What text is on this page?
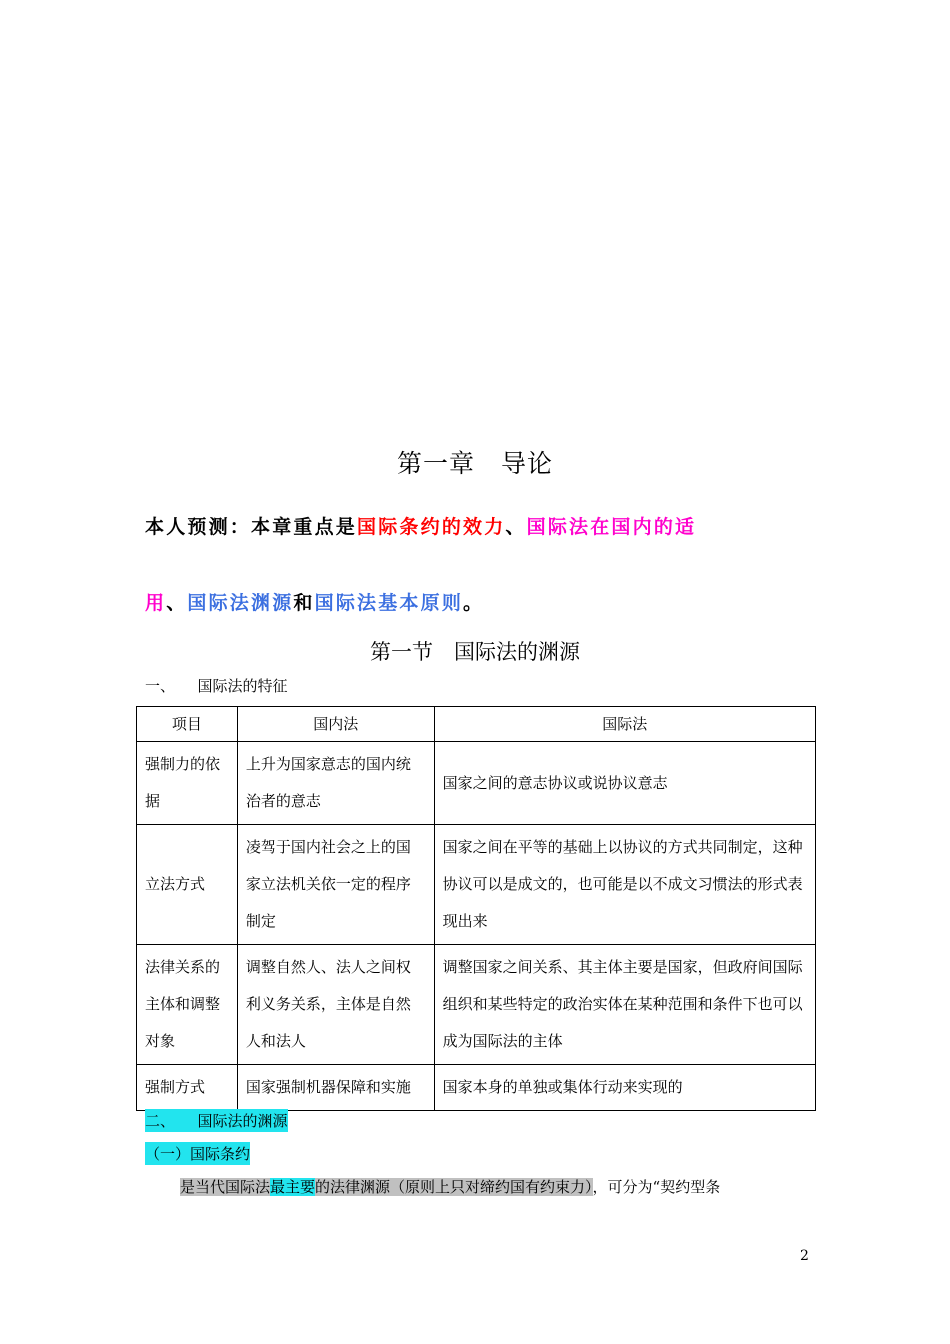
第一章　导论
本人预测：本章重点是国际条约的效力、国际法在国内的适
用、国际法渊源和国际法基本原则。
第一节　国际法的渊源
一、　　国际法的特征
项目	国内法	国际法
强制力的依据	上升为国家意志的国内统治者的意志	国家之间的意志协议或说协议意志
立法方式	凌驾于国内社会之上的国家立法机关依一定的程序制定	国家之间在平等的基础上以协议的方式共同制定，这种协议可以是成文的，也可能是以不成文习惯法的形式表现出来
法律关系的主体和调整对象	调整自然人、法人之间权利义务关系，主体是自然人和法人	调整国家之间关系、其主体主要是国家，但政府间国际组织和某些特定的政治实体在某种范围和条件下也可以成为国际法的主体
强制方式	国家强制机器保障和实施	国家本身的单独或集体行动来实现的
二、　　国际法的渊源
（一）国际条约
是当代国际法最主要的法律渊源（原则上只对缔约国有约束力），可分为“契约型条
2
